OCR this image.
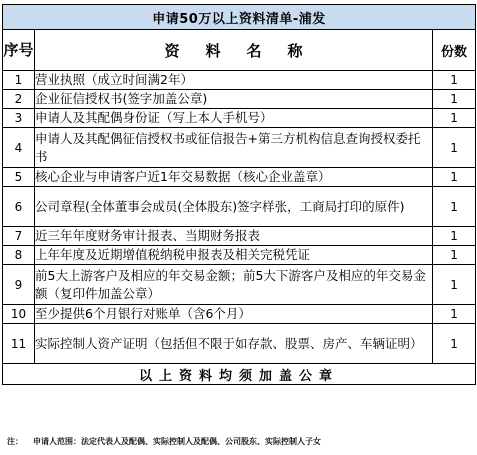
申请50万以上资料清单-浦发		
序号	资料名称	份数
1	营业执照（成立时间满2年）	1
2	企业征信授权书(签字加盖公章)	1
3	申请人及其配偶身份证（写上本人手机号）	1
4	申请人及其配偶征信授权书或征信报告+第三方机构信息查询授权委托书	1
5	核心企业与申请客户近1年交易数据（核心企业盖章）	1
6	公司章程(全体董事会成员(全体股东)签字样张，工商局打印的原件)	1
7	近三年年度财务审计报表、当期财务报表	1
8	上年年度及近期增值税纳税申报表及相关完税凭证	1
9	前5大上游客户及相应的年交易金额；前5大下游客户及相应的年交易金额（复印件加盖公章）	1
10	至少提供6个月银行对账单（含6个月）	1
11	实际控制人资产证明（包括但不限于如存款、股票、房产、车辆证明）	1
以上资料均须加盖公章		
注： 申请人范围：法定代表人及配偶、实际控制人及配偶、公司股东、实际控制人子女
